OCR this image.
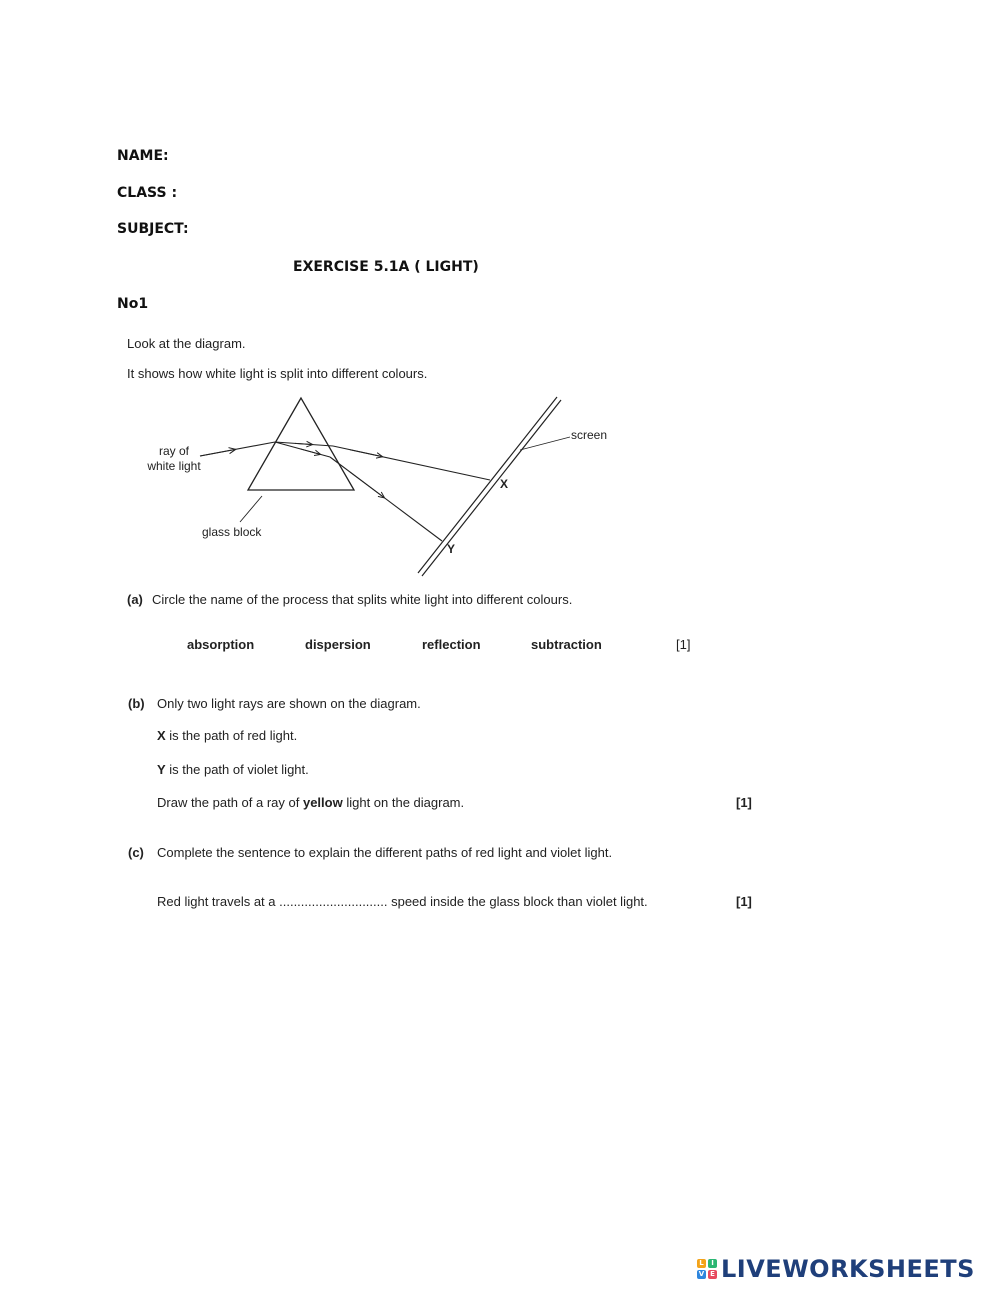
NAME:
CLASS :
SUBJECT:
EXERCISE 5.1A ( LIGHT)
No1
Look at the diagram.
It shows how white light is split into different colours.
ray of
white light
screen
glass block
X
Y
(a) Circle the name of the process that splits white light into different colours.
absorption	dispersion	reflection	subtraction	[1]
(b) Only two light rays are shown on the diagram.
X is the path of red light.
Y is the path of violet light.
Draw the path of a ray of yellow light on the diagram.	[1]
(c) Complete the sentence to explain the different paths of red light and violet light.
Red light travels at a .............................. speed inside the glass block than violet light.	[1]
L	I
V E LIVEWORKSHEETS
